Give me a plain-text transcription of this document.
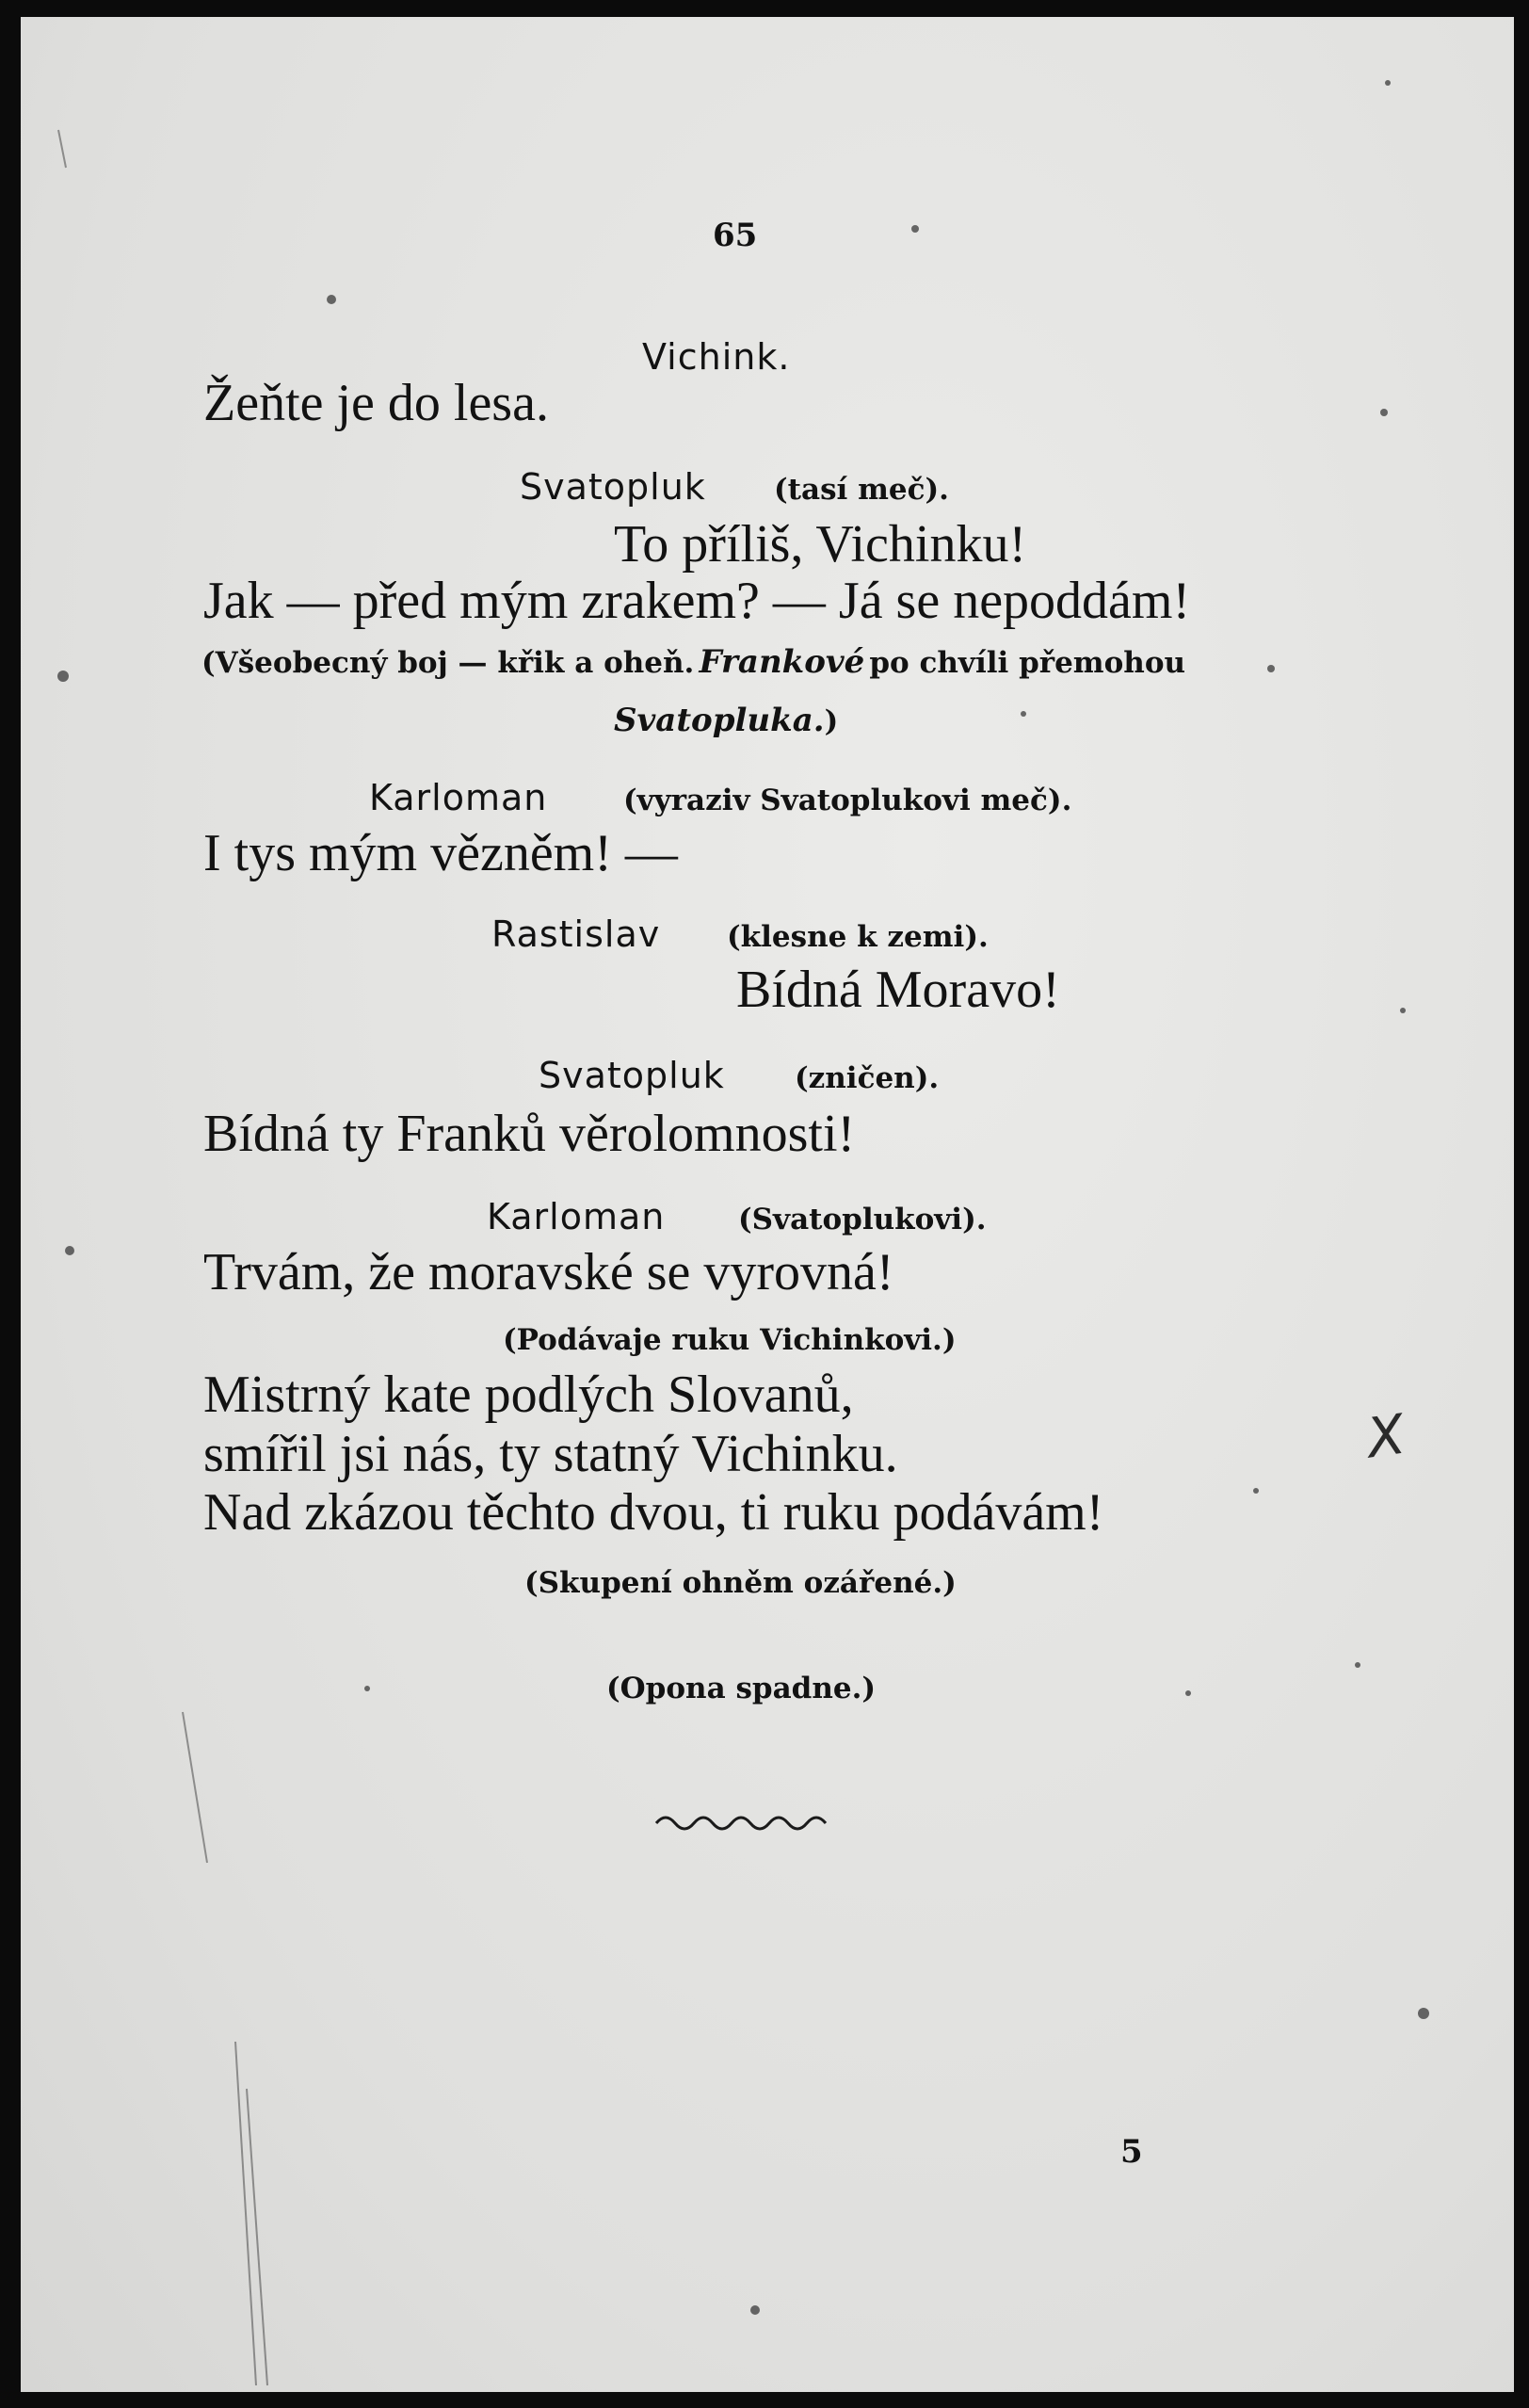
65
Vichink.
Žeňte je do lesa.
Svatopluk (tasí meč).
To příliš, Vichinku!
Jak — před mým zrakem? — Já se nepoddám!
(Všeobecný boj — křik a oheň. Frankové po chvíli přemohou
Svatopluka.)
Karloman	(vyraziv Svatoplukovi meč).
I tys mým vězněm! —
Rastislav (klesne k zemi).
Bídná Moravo!
Svatopluk (zničen).
Bídná ty Franků věrolomnosti!
Karloman	(Svatoplukovi).
Trvám, že moravské se vyrovná!
(Podávaje ruku Vichinkovi.)
Mistrný kate podlých Slovanů,
smířil jsi nás, ty statný Vichinku.
Nad zkázou těchto dvou, ti ruku podávám!
(Skupení ohněm ozářené.)
(Opona spadne.)
X
5
